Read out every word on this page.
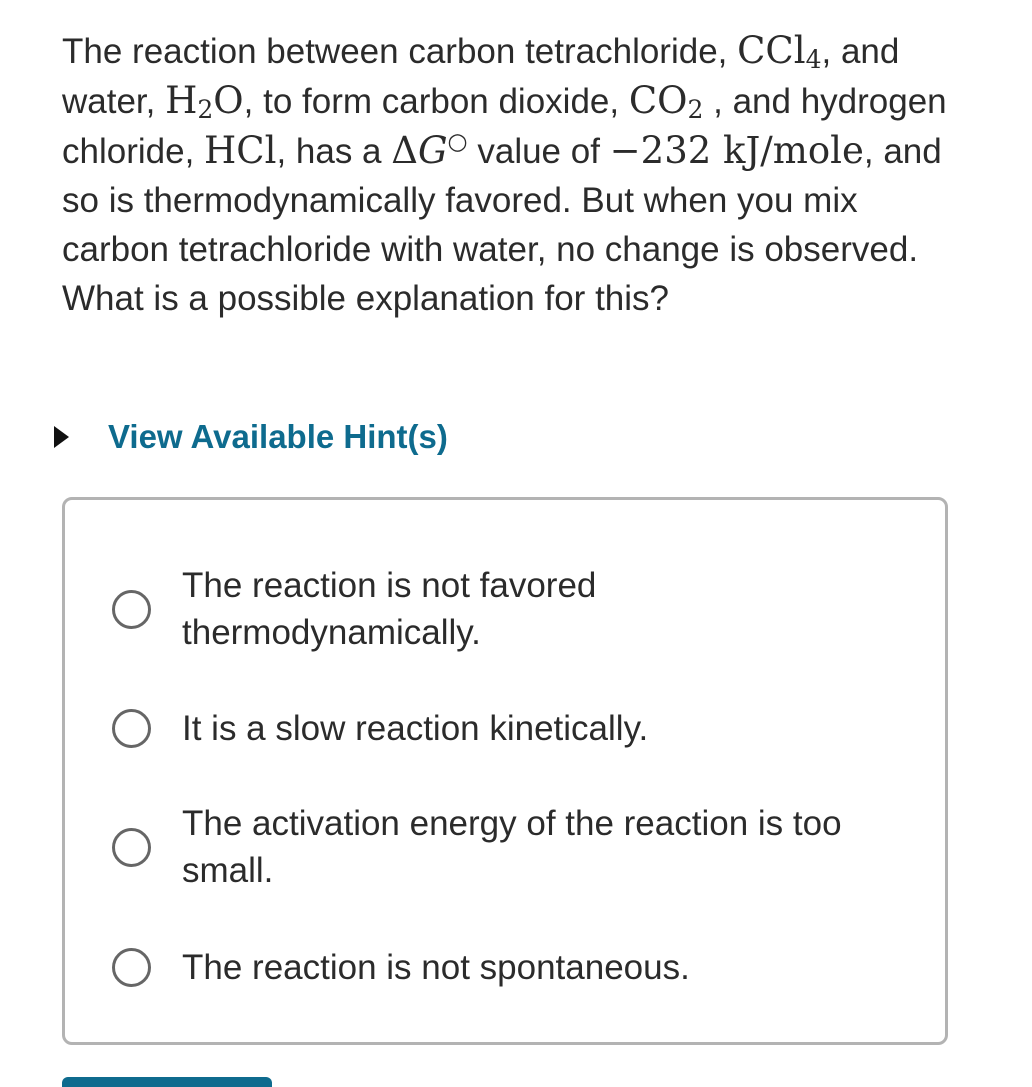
The reaction between carbon tetrachloride, CCl$_4$, and water, $H_2O$, to form carbon dioxide, $CO_2$ , and hydrogen chloride, HCl, has a ΔG○ value of −232 kJ/mole, and so is thermodynamically favored. But when you mix carbon tetrachloride with water, no change is observed. What is a possible explanation for this?
View Available Hint(s)
The reaction is not favored thermodynamically.
It is a slow reaction kinetically.
The activation energy of the reaction is too small.
The reaction is not spontaneous.
